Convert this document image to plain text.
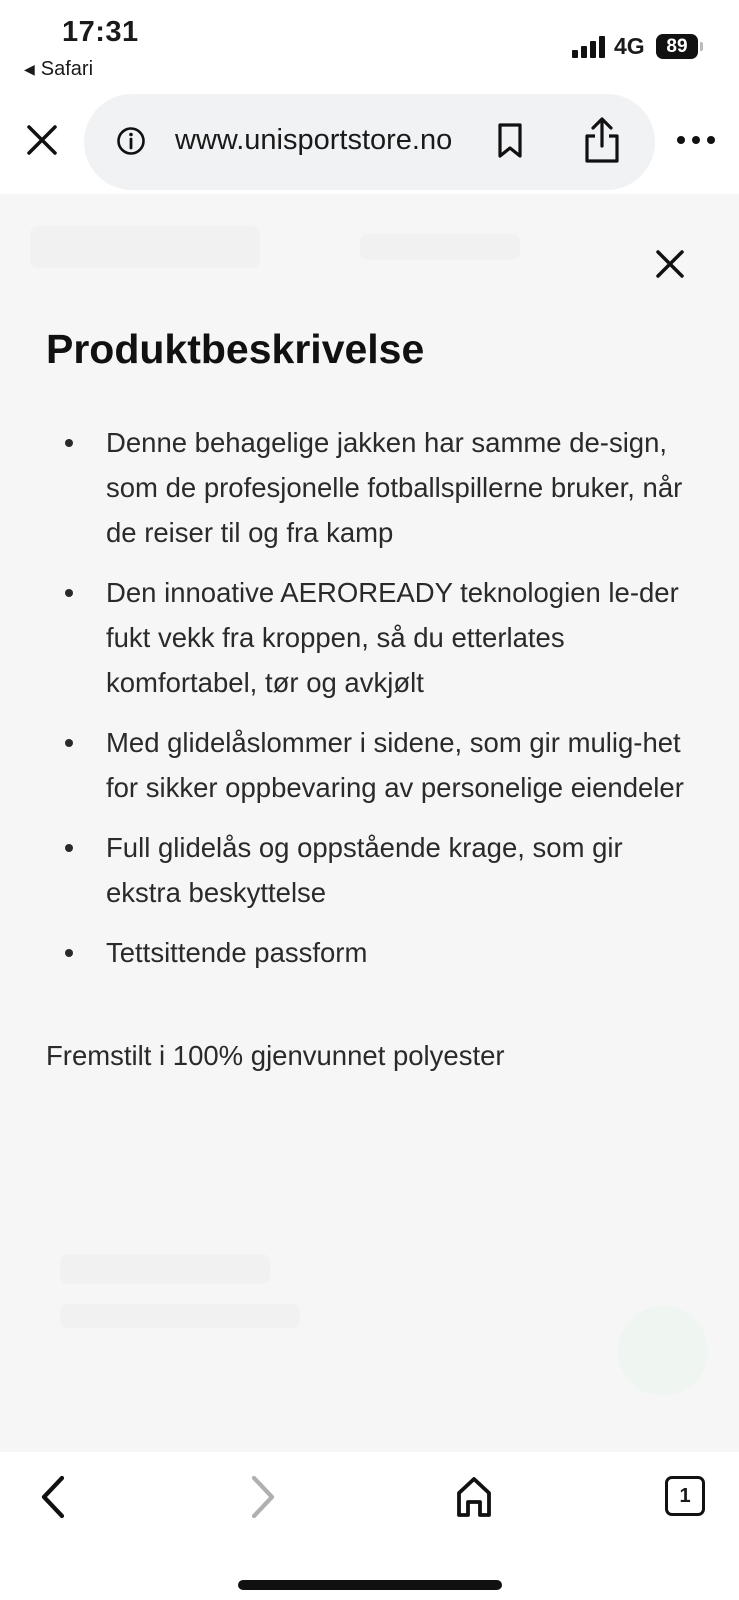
17:31
◀ Safari
4G	89
www.unisportstore.no
Produktbeskrivelse
Denne behagelige jakken har samme de-sign, som de profesjonelle fotballspillerne bruker, når de reiser til og fra kamp
Den innoative AEROREADY teknologien le-der fukt vekk fra kroppen, så du etterlates komfortabel, tør og avkjølt
Med glidelåslommer i sidene, som gir mulig-het for sikker oppbevaring av personelige eiendeler
Full glidelås og oppstående krage, som gir ekstra beskyttelse
Tettsittende passform

Fremstilt i 100% gjenvunnet polyester

1
